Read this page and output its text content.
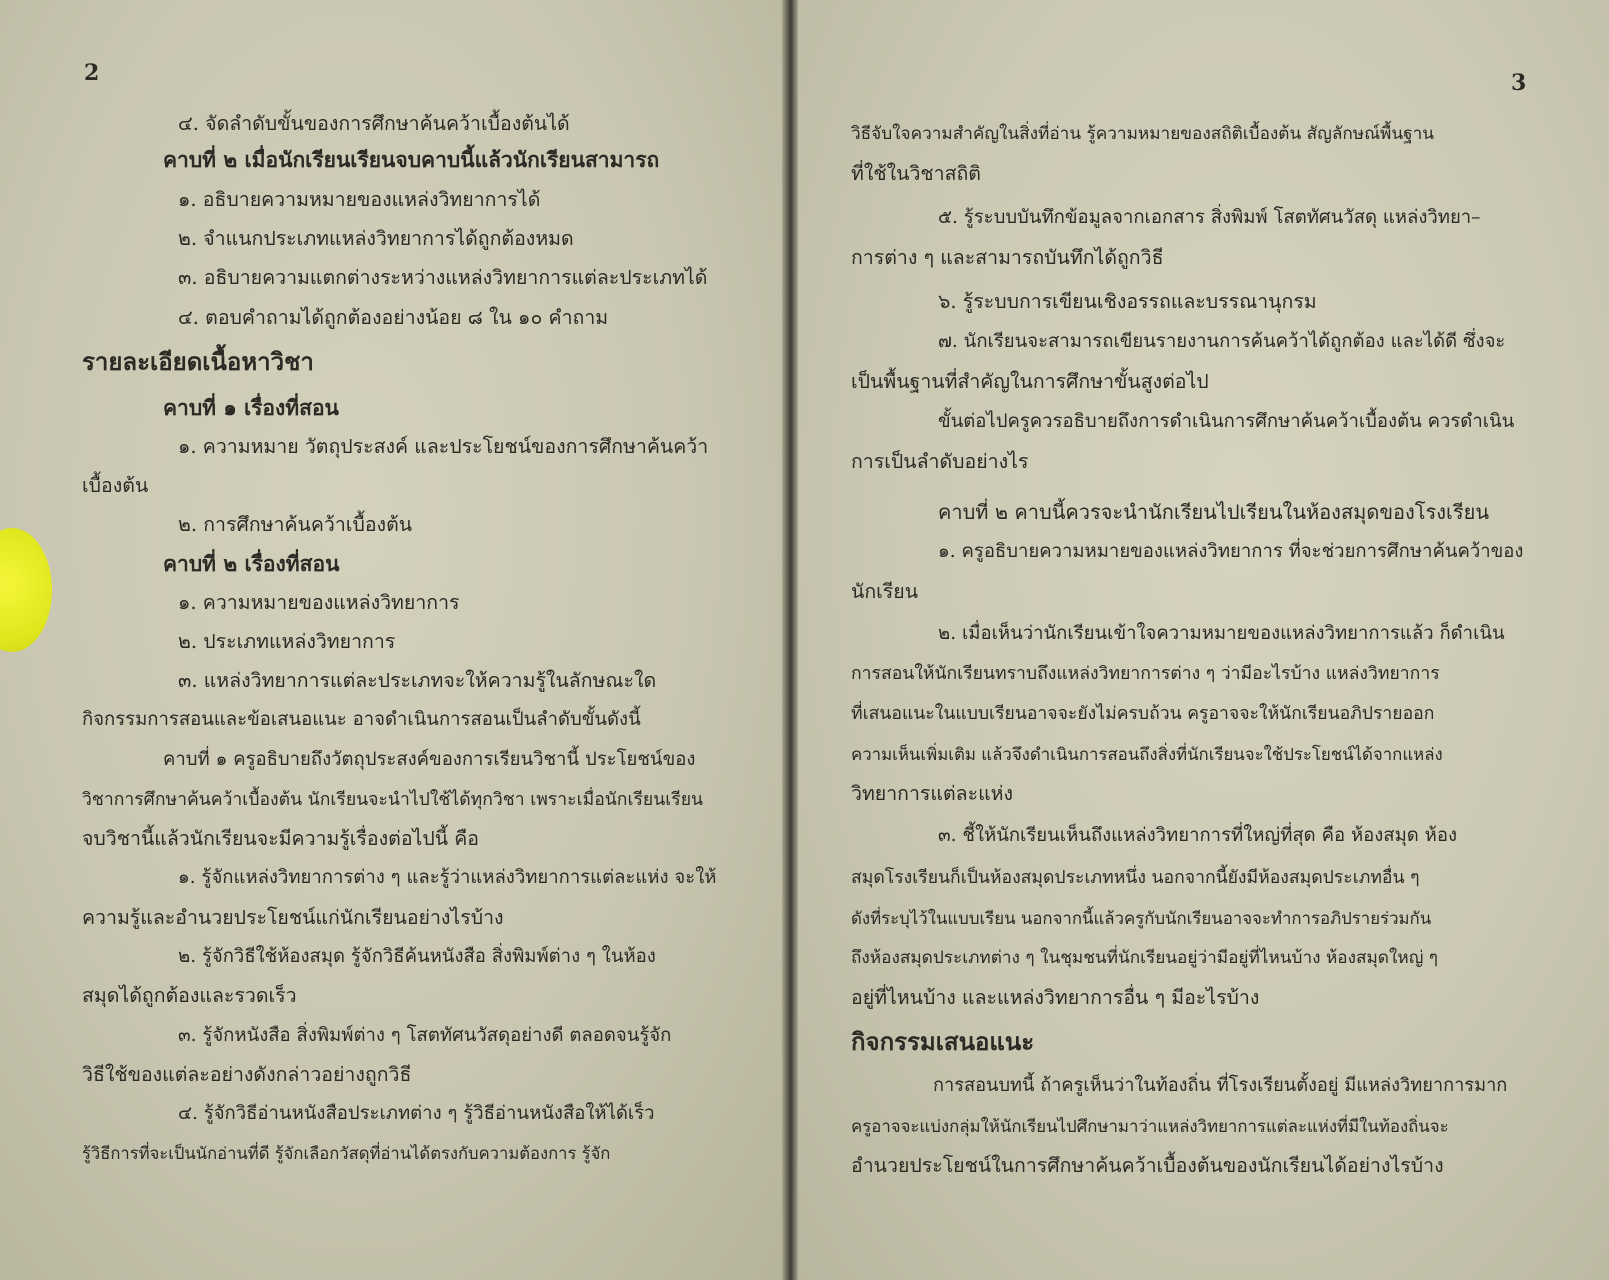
2
๔. จัดลำดับขั้นของการศึกษาค้นคว้าเบื้องต้นได้
คาบที่ ๒ เมื่อนักเรียนเรียนจบคาบนี้แล้วนักเรียนสามารถ
๑. อธิบายความหมายของแหล่งวิทยาการได้
๒. จำแนกประเภทแหล่งวิทยาการได้ถูกต้องหมด
๓. อธิบายความแตกต่างระหว่างแหล่งวิทยาการแต่ละประเภทได้
๔. ตอบคำถามได้ถูกต้องอย่างน้อย ๘ ใน ๑๐ คำถาม
รายละเอียดเนื้อหาวิชา
คาบที่ ๑ เรื่องที่สอน
๑. ความหมาย วัตถุประสงค์ และประโยชน์ของการศึกษาค้นคว้า
เบื้องต้น
๒. การศึกษาค้นคว้าเบื้องต้น
คาบที่ ๒ เรื่องที่สอน
๑. ความหมายของแหล่งวิทยาการ
๒. ประเภทแหล่งวิทยาการ
๓. แหล่งวิทยาการแต่ละประเภทจะให้ความรู้ในลักษณะใด
กิจกรรมการสอนและข้อเสนอแนะ อาจดำเนินการสอนเป็นลำดับขั้นดังนี้
คาบที่ ๑ ครูอธิบายถึงวัตถุประสงค์ของการเรียนวิชานี้ ประโยชน์ของ
วิชาการศึกษาค้นคว้าเบื้องต้น นักเรียนจะนำไปใช้ได้ทุกวิชา เพราะเมื่อนักเรียนเรียน
จบวิชานี้แล้วนักเรียนจะมีความรู้เรื่องต่อไปนี้ คือ
๑. รู้จักแหล่งวิทยาการต่าง ๆ และรู้ว่าแหล่งวิทยาการแต่ละแห่ง จะให้
ความรู้และอำนวยประโยชน์แก่นักเรียนอย่างไรบ้าง
๒. รู้จักวิธีใช้ห้องสมุด รู้จักวิธีค้นหนังสือ สิ่งพิมพ์ต่าง ๆ ในห้อง
สมุดได้ถูกต้องและรวดเร็ว
๓. รู้จักหนังสือ สิ่งพิมพ์ต่าง ๆ โสตทัศนวัสดุอย่างดี ตลอดจนรู้จัก
วิธีใช้ของแต่ละอย่างดังกล่าวอย่างถูกวิธี
๔. รู้จักวิธีอ่านหนังสือประเภทต่าง ๆ รู้วิธีอ่านหนังสือให้ได้เร็ว
รู้วิธีการที่จะเป็นนักอ่านที่ดี รู้จักเลือกวัสดุที่อ่านได้ตรงกับความต้องการ รู้จัก
3
วิธีจับใจความสำคัญในสิ่งที่อ่าน รู้ความหมายของสถิติเบื้องต้น สัญลักษณ์พื้นฐาน
ที่ใช้ในวิชาสถิติ
๕. รู้ระบบบันทึกข้อมูลจากเอกสาร สิ่งพิมพ์ โสตทัศนวัสดุ แหล่งวิทยา–
การต่าง ๆ และสามารถบันทึกได้ถูกวิธี
๖. รู้ระบบการเขียนเชิงอรรถและบรรณานุกรม
๗. นักเรียนจะสามารถเขียนรายงานการค้นคว้าได้ถูกต้อง และได้ดี ซึ่งจะ
เป็นพื้นฐานที่สำคัญในการศึกษาขั้นสูงต่อไป
ขั้นต่อไปครูควรอธิบายถึงการดำเนินการศึกษาค้นคว้าเบื้องต้น ควรดำเนิน
การเป็นลำดับอย่างไร
คาบที่ ๒ คาบนี้ควรจะนำนักเรียนไปเรียนในห้องสมุดของโรงเรียน
๑. ครูอธิบายความหมายของแหล่งวิทยาการ ที่จะช่วยการศึกษาค้นคว้าของ
นักเรียน
๒. เมื่อเห็นว่านักเรียนเข้าใจความหมายของแหล่งวิทยาการแล้ว ก็ดำเนิน
การสอนให้นักเรียนทราบถึงแหล่งวิทยาการต่าง ๆ ว่ามีอะไรบ้าง แหล่งวิทยาการ
ที่เสนอแนะในแบบเรียนอาจจะยังไม่ครบถ้วน ครูอาจจะให้นักเรียนอภิปรายออก
ความเห็นเพิ่มเติม แล้วจึงดำเนินการสอนถึงสิ่งที่นักเรียนจะใช้ประโยชน์ได้จากแหล่ง
วิทยาการแต่ละแห่ง
๓. ชี้ให้นักเรียนเห็นถึงแหล่งวิทยาการที่ใหญ่ที่สุด คือ ห้องสมุด ห้อง
สมุดโรงเรียนก็เป็นห้องสมุดประเภทหนึ่ง นอกจากนี้ยังมีห้องสมุดประเภทอื่น ๆ
ดังที่ระบุไว้ในแบบเรียน นอกจากนี้แล้วครูกับนักเรียนอาจจะทำการอภิปรายร่วมกัน
ถึงห้องสมุดประเภทต่าง ๆ ในชุมชนที่นักเรียนอยู่ว่ามีอยู่ที่ไหนบ้าง ห้องสมุดใหญ่ ๆ
อยู่ที่ไหนบ้าง และแหล่งวิทยาการอื่น ๆ มีอะไรบ้าง
กิจกรรมเสนอแนะ
การสอนบทนี้ ถ้าครูเห็นว่าในท้องถิ่น ที่โรงเรียนตั้งอยู่ มีแหล่งวิทยาการมาก
ครูอาจจะแบ่งกลุ่มให้นักเรียนไปศึกษามาว่าแหล่งวิทยาการแต่ละแห่งที่มีในท้องถิ่นจะ
อำนวยประโยชน์ในการศึกษาค้นคว้าเบื้องต้นของนักเรียนได้อย่างไรบ้าง
